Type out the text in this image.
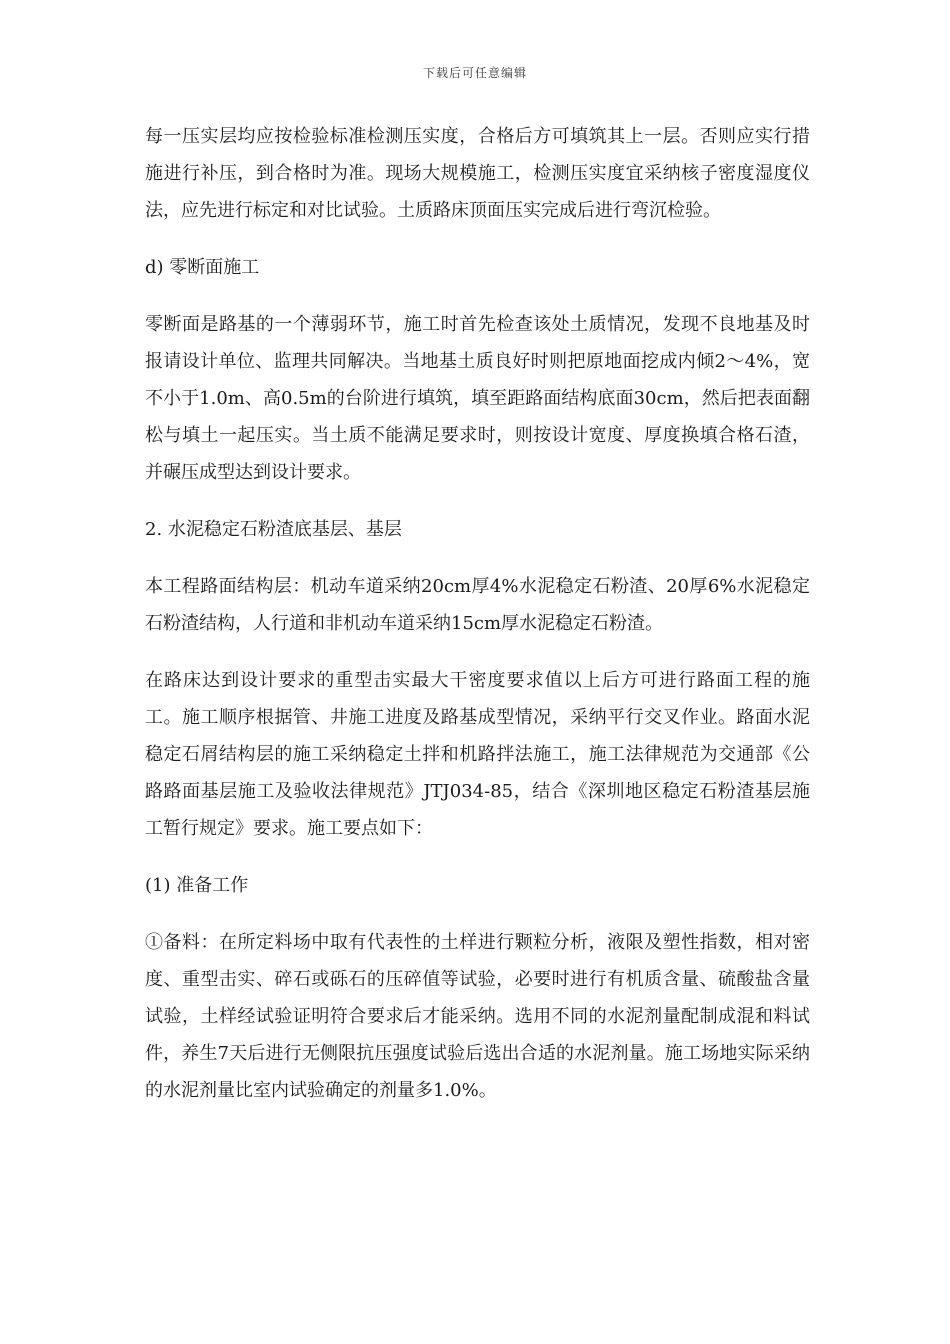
下载后可任意编辑

每一压实层均应按检验标准检测压实度，合格后方可填筑其上一层。否则应实行措施进行补压，到合格时为准。现场大规模施工，检测压实度宜采纳核子密度湿度仪法，应先进行标定和对比试验。土质路床顶面压实完成后进行弯沉检验。

d) 零断面施工

零断面是路基的一个薄弱环节，施工时首先检查该处土质情况，发现不良地基及时报请设计单位、监理共同解决。当地基土质良好时则把原地面挖成内倾2～4%，宽不小于1.0m、高0.5m的台阶进行填筑，填至距路面结构底面30cm，然后把表面翻松与填土一起压实。当土质不能满足要求时，则按设计宽度、厚度换填合格石渣，并碾压成型达到设计要求。

2. 水泥稳定石粉渣底基层、基层

本工程路面结构层：机动车道采纳20cm厚4%水泥稳定石粉渣、20厚6%水泥稳定石粉渣结构，人行道和非机动车道采纳15cm厚水泥稳定石粉渣。

在路床达到设计要求的重型击实最大干密度要求值以上后方可进行路面工程的施工。施工顺序根据管、井施工进度及路基成型情况，采纳平行交叉作业。路面水泥稳定石屑结构层的施工采纳稳定土拌和机路拌法施工，施工法律规范为交通部《公路路面基层施工及验收法律规范》JTJ034-85，结合《深圳地区稳定石粉渣基层施工暂行规定》要求。施工要点如下：

(1) 准备工作

①备料：在所定料场中取有代表性的土样进行颗粒分析，液限及塑性指数，相对密度、重型击实、碎石或砾石的压碎值等试验，必要时进行有机质含量、硫酸盐含量试验，土样经试验证明符合要求后才能采纳。选用不同的水泥剂量配制成混和料试件，养生7天后进行无侧限抗压强度试验后选出合适的水泥剂量。施工场地实际采纳的水泥剂量比室内试验确定的剂量多1.0%。
